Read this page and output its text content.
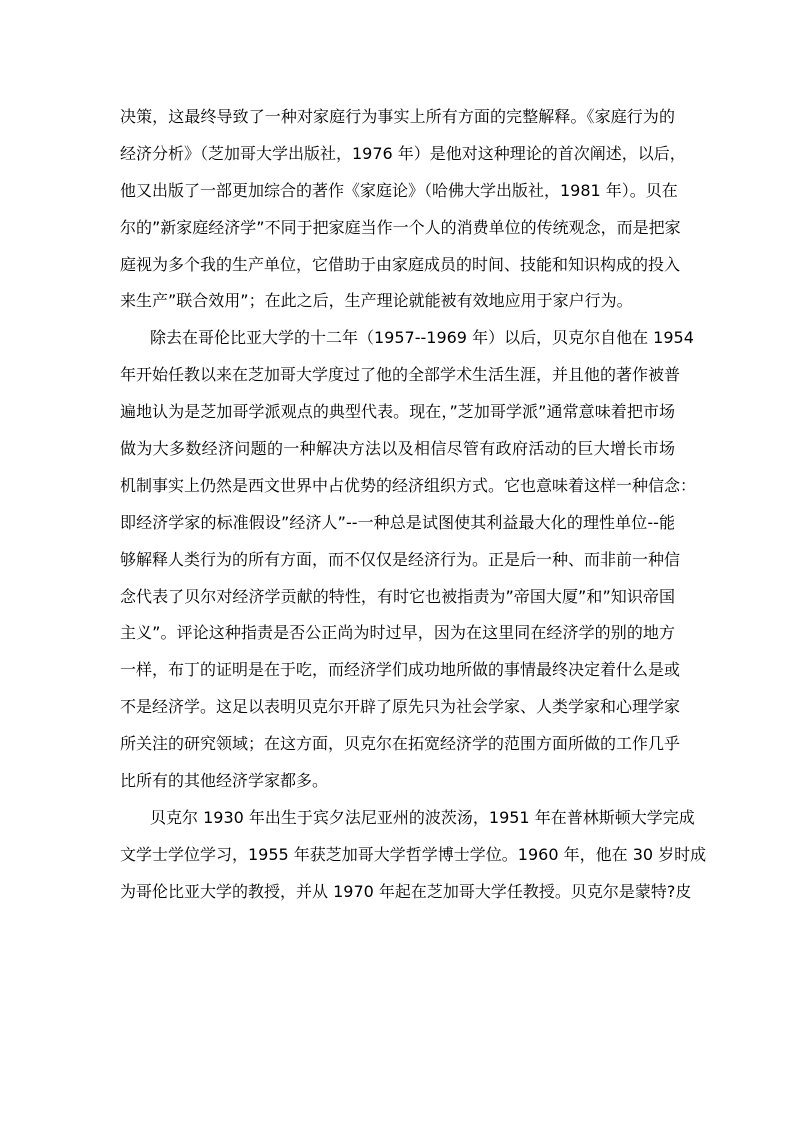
决策，这最终导致了一种对家庭行为事实上所有方面的完整解释。《家庭行为的
经济分析》（芝加哥大学出版社，1976 年）是他对这种理论的首次阐述，以后，
他又出版了一部更加综合的著作《家庭论》（哈佛大学出版社，1981 年）。贝在
尔的”新家庭经济学”不同于把家庭当作一个人的消费单位的传统观念，而是把家
庭视为多个我的生产单位，它借助于由家庭成员的时间、技能和知识构成的投入
来生产”联合效用”；在此之后，生产理论就能被有效地应用于家户行为。
除去在哥伦比亚大学的十二年（1957--1969 年）以后，贝克尔自他在 1954
年开始任教以来在芝加哥大学度过了他的全部学术生活生涯，并且他的著作被普
遍地认为是芝加哥学派观点的典型代表。现在，”芝加哥学派”通常意味着把市场
做为大多数经济问题的一种解决方法以及相信尽管有政府活动的巨大增长市场
机制事实上仍然是西文世界中占优势的经济组织方式。它也意味着这样一种信念：
即经济学家的标准假设”经济人”--一种总是试图使其利益最大化的理性单位--能
够解释人类行为的所有方面，而不仅仅是经济行为。正是后一种、而非前一种信
念代表了贝尔对经济学贡献的特性，有时它也被指责为”帝国大厦”和”知识帝国
主义”。评论这种指责是否公正尚为时过早，因为在这里同在经济学的别的地方
一样，布丁的证明是在于吃，而经济学们成功地所做的事情最终决定着什么是或
不是经济学。这足以表明贝克尔开辟了原先只为社会学家、人类学家和心理学家
所关注的研究领域；在这方面，贝克尔在拓宽经济学的范围方面所做的工作几乎
比所有的其他经济学家都多。
贝克尔 1930 年出生于宾夕法尼亚州的波茨汤，1951 年在普林斯顿大学完成
文学士学位学习，1955 年获芝加哥大学哲学博士学位。1960 年，他在 30 岁时成
为哥伦比亚大学的教授，并从 1970 年起在芝加哥大学任教授。贝克尔是蒙特?皮
